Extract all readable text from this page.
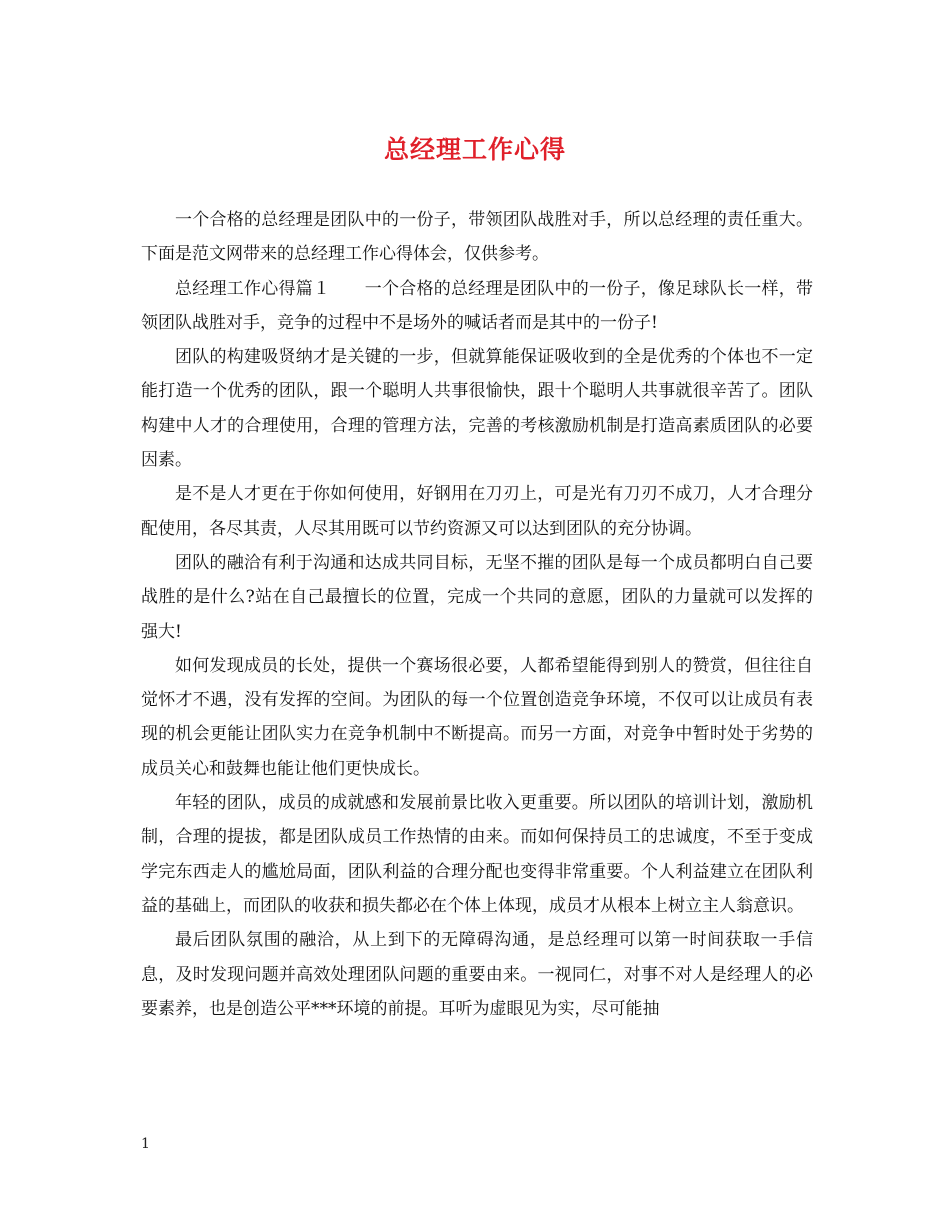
总经理工作心得

一个合格的总经理是团队中的一份子，带领团队战胜对手，所以总经理的责任重大。下面是范文网带来的总经理工作心得体会，仅供参考。

总经理工作心得篇１　　一个合格的总经理是团队中的一份子，像足球队长一样，带领团队战胜对手，竞争的过程中不是场外的喊话者而是其中的一份子!

团队的构建吸贤纳才是关键的一步，但就算能保证吸收到的全是优秀的个体也不一定能打造一个优秀的团队，跟一个聪明人共事很愉快，跟十个聪明人共事就很辛苦了。团队构建中人才的合理使用，合理的管理方法，完善的考核激励机制是打造高素质团队的必要因素。

是不是人才更在于你如何使用，好钢用在刀刃上，可是光有刀刃不成刀，人才合理分配使用，各尽其责，人尽其用既可以节约资源又可以达到团队的充分协调。

团队的融洽有利于沟通和达成共同目标，无坚不摧的团队是每一个成员都明白自己要战胜的是什么?站在自己最擅长的位置，完成一个共同的意愿，团队的力量就可以发挥的强大!

如何发现成员的长处，提供一个赛场很必要，人都希望能得到别人的赞赏，但往往自觉怀才不遇，没有发挥的空间。为团队的每一个位置创造竞争环境，不仅可以让成员有表现的机会更能让团队实力在竞争机制中不断提高。而另一方面，对竞争中暂时处于劣势的成员关心和鼓舞也能让他们更快成长。

年轻的团队，成员的成就感和发展前景比收入更重要。所以团队的培训计划，激励机制，合理的提拔，都是团队成员工作热情的由来。而如何保持员工的忠诚度，不至于变成学完东西走人的尴尬局面，团队利益的合理分配也变得非常重要。个人利益建立在团队利益的基础上，而团队的收获和损失都必在个体上体现，成员才从根本上树立主人翁意识。

最后团队氛围的融洽，从上到下的无障碍沟通，是总经理可以第一时间获取一手信息，及时发现问题并高效处理团队问题的重要由来。一视同仁，对事不对人是经理人的必要素养，也是创造公平***环境的前提。耳听为虚眼见为实，尽可能抽

1
